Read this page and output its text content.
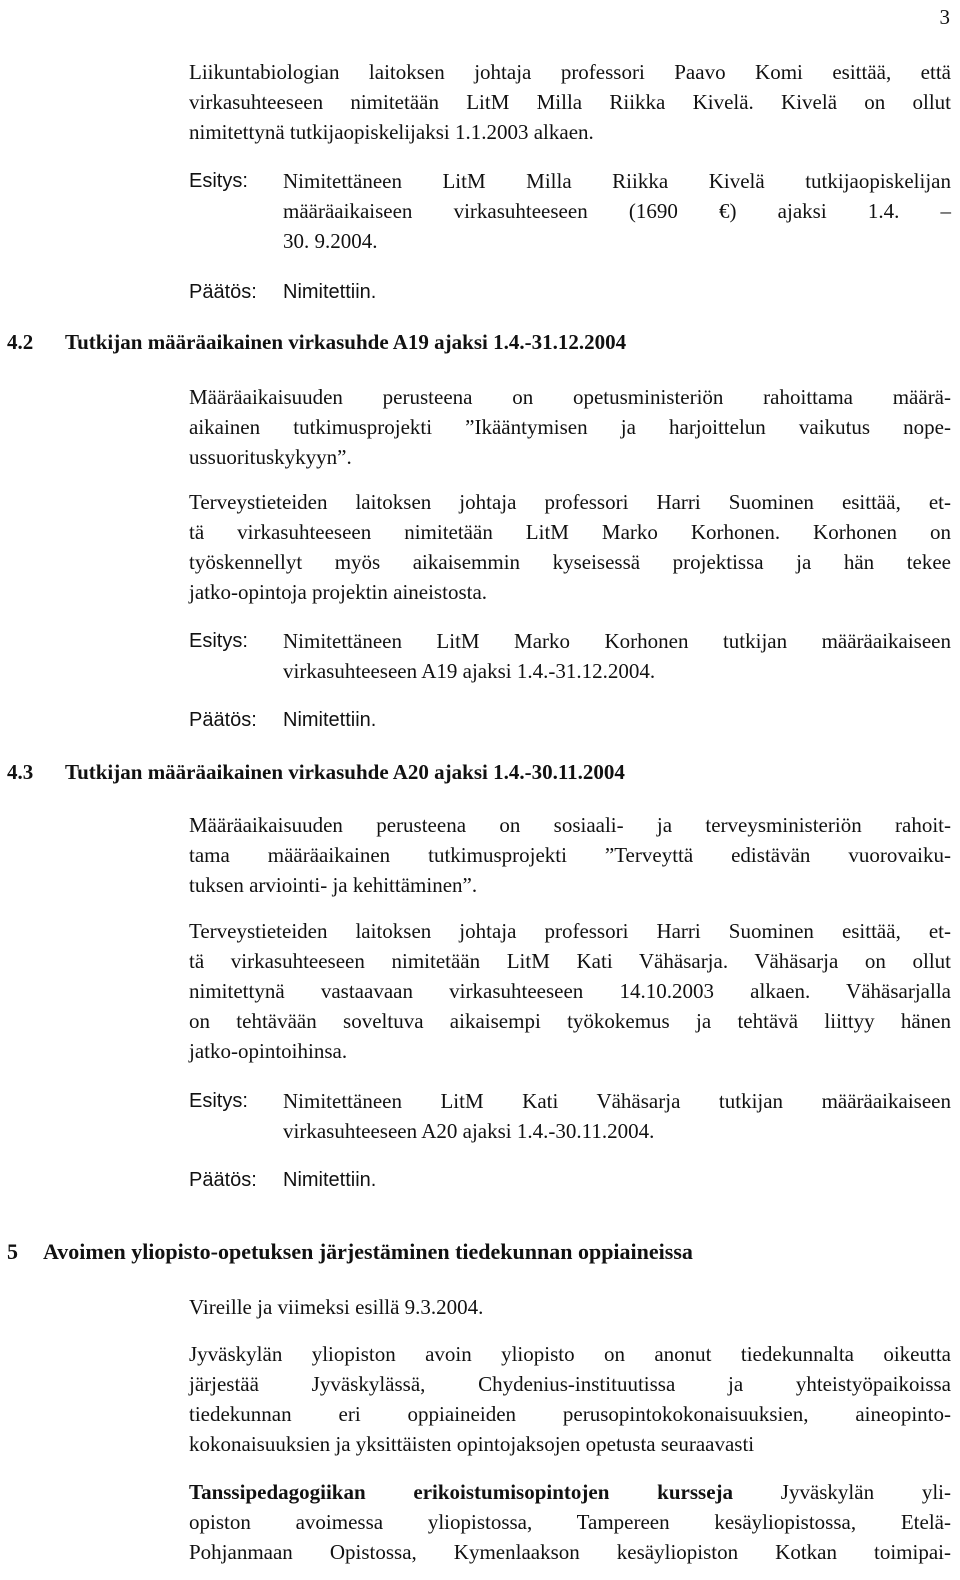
3

Liikuntabiologian laitoksen johtaja professori Paavo Komi esittää, että
virkasuhteeseen nimitetään LitM Milla Riikka Kivelä. Kivelä on ollut
nimitettynä tutkijaopiskelijaksi 1.1.2003 alkaen.

Esitys: Nimitettäneen LitM Milla Riikka Kivelä tutkijaopiskelijan
määräaikaiseen virkasuhteeseen (1690 €) ajaksi 1.4. –
30. 9.2004.
Päätös: Nimitettiin.
4.2 Tutkijan määräaikainen virkasuhde A19 ajaksi 1.4.-31.12.2004

Määräaikaisuuden perusteena on opetusministeriön rahoittama määrä-
aikainen tutkimusprojekti ”Ikääntymisen ja harjoittelun vaikutus nope-
ussuorituskykyyn”.

Terveystieteiden laitoksen johtaja professori Harri Suominen esittää, et-
tä virkasuhteeseen nimitetään LitM Marko Korhonen. Korhonen on
työskennellyt myös aikaisemmin kyseisessä projektissa ja hän tekee
jatko-opintoja projektin aineistosta.

Esitys: Nimitettäneen LitM Marko Korhonen tutkijan määräaikaiseen
virkasuhteeseen A19 ajaksi 1.4.-31.12.2004.
Päätös: Nimitettiin.
4.3 Tutkijan määräaikainen virkasuhde A20 ajaksi 1.4.-30.11.2004

Määräaikaisuuden perusteena on sosiaali- ja terveysministeriön rahoit-
tama määräaikainen tutkimusprojekti ”Terveyttä edistävän vuorovaiku-
tuksen arviointi- ja kehittäminen”.

Terveystieteiden laitoksen johtaja professori Harri Suominen esittää, et-
tä virkasuhteeseen nimitetään LitM Kati Vähäsarja. Vähäsarja on ollut
nimitettynä vastaavaan virkasuhteeseen 14.10.2003 alkaen. Vähäsarjalla
on tehtävään soveltuva aikaisempi työkokemus ja tehtävä liittyy hänen
jatko-opintoihinsa.

Esitys: Nimitettäneen LitM Kati Vähäsarja tutkijan määräaikaiseen
virkasuhteeseen A20 ajaksi 1.4.-30.11.2004.
Päätös: Nimitettiin.
5 Avoimen yliopisto-opetuksen järjestäminen tiedekunnan oppiaineissa

Vireille ja viimeksi esillä 9.3.2004.

Jyväskylän yliopiston avoin yliopisto on anonut tiedekunnalta oikeutta
järjestää Jyväskylässä, Chydenius-instituutissa ja yhteistyöpaikoissa
tiedekunnan eri oppiaineiden perusopintokokonaisuuksien, aineopinto-
kokonaisuuksien ja yksittäisten opintojaksojen opetusta seuraavasti

Tanssipedagogiikan erikoistumisopintojen kursseja Jyväskylän yli-
opiston avoimessa yliopistossa, Tampereen kesäyliopistossa, Etelä-
Pohjanmaan Opistossa, Kymenlaakson kesäyliopiston Kotkan toimipai-
